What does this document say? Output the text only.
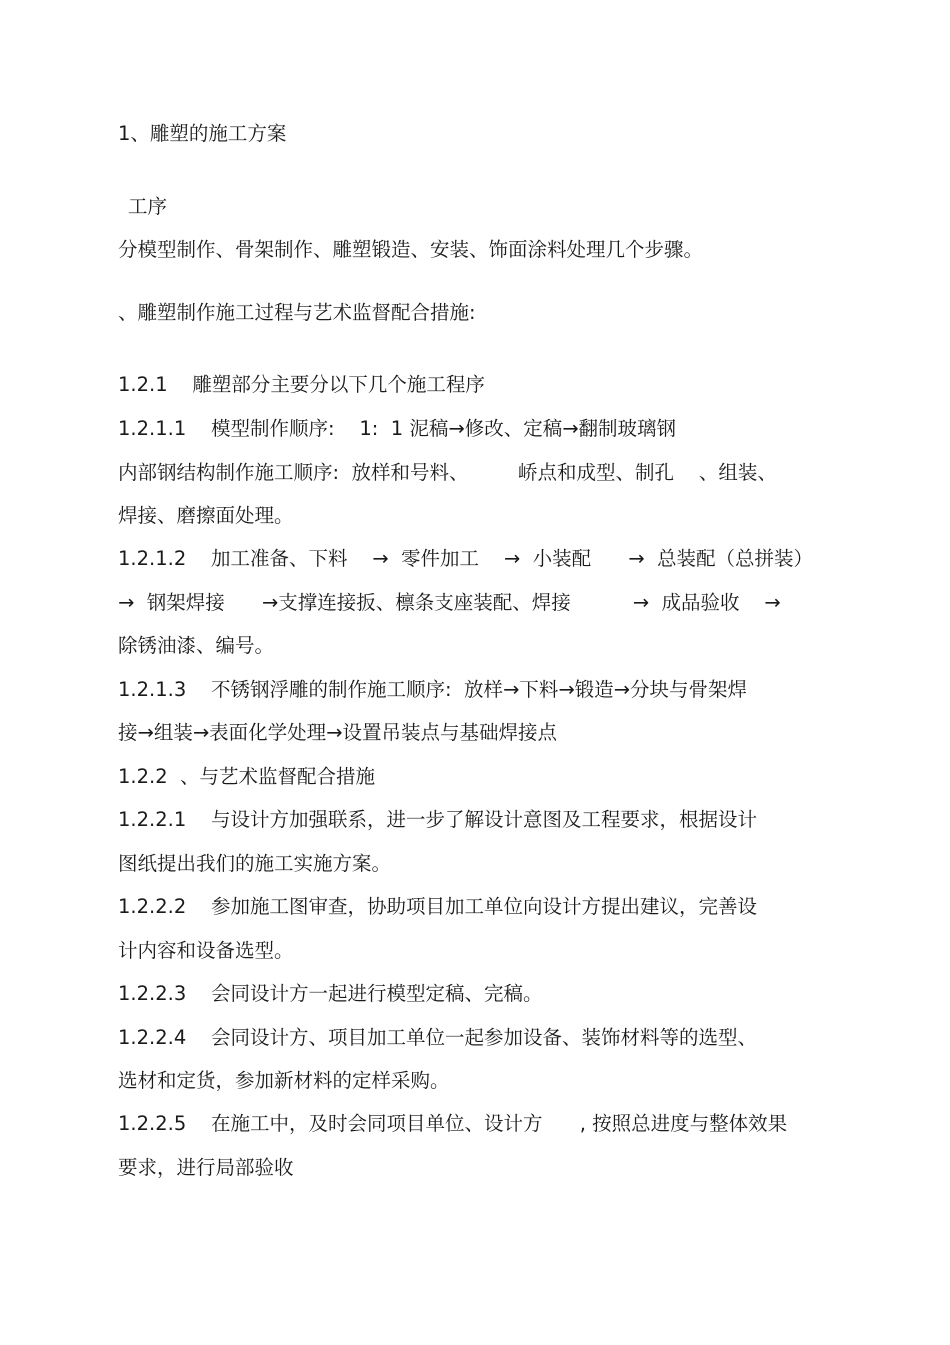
1、雕塑的施工方案
工序
分模型制作、骨架制作、雕塑锻造、安装、饰面涂料处理几个步骤。
、雕塑制作施工过程与艺术监督配合措施:
1.2.1    雕塑部分主要分以下几个施工程序
1.2.1.1    模型制作顺序:    1:  1 泥稿→修改、定稿→翻制玻璃钢
内部钢结构制作施工顺序:  放样和号料、        峤点和成型、制孔    、组装、
焊接、磨擦面处理。
1.2.1.2    加工准备、下料    →  零件加工    →  小装配      →  总装配（总拼装）
→  钢架焊接      →支撑连接扳、檩条支座装配、焊接          →  成品验收    →
除锈油漆、编号。
1.2.1.3    不锈钢浮雕的制作施工顺序:  放样→下料→锻造→分块与骨架焊
接→组装→表面化学处理→设置吊装点与基础焊接点
1.2.2  、与艺术监督配合措施
1.2.2.1    与设计方加强联系，进一步了解设计意图及工程要求，根据设计
图纸提出我们的施工实施方案。
1.2.2.2    参加施工图审查，协助项目加工单位向设计方提出建议，完善设
计内容和设备选型。
1.2.2.3    会同设计方一起进行模型定稿、完稿。
1.2.2.4    会同设计方、项目加工单位一起参加设备、装饰材料等的选型、
选材和定货，参加新材料的定样采购。
1.2.2.5    在施工中，及时会同项目单位、设计方      , 按照总进度与整体效果
要求，进行局部验收
